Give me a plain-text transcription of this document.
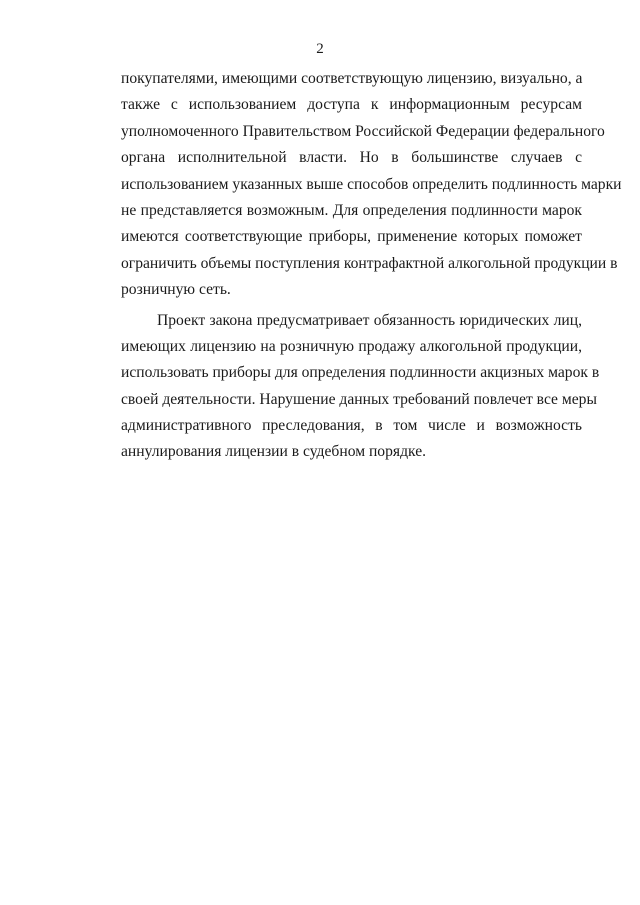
2

покупателями, имеющими соответствующую лицензию, визуально, а
также с использованием доступа к информационным ресурсам
уполномоченного Правительством Российской Федерации федерального
органа исполнительной власти. Но в большинстве случаев с
использованием указанных выше способов определить подлинность марки
не представляется возможным. Для определения подлинности марок
имеются соответствующие приборы, применение которых поможет
ограничить объемы поступления контрафактной алкогольной продукции в
розничную сеть.

Проект закона предусматривает обязанность юридических лиц,
имеющих лицензию на розничную продажу алкогольной продукции,
использовать приборы для определения подлинности акцизных марок в
своей деятельности. Нарушение данных требований повлечет все меры
административного преследования, в том числе и возможность
аннулирования лицензии в судебном порядке.
